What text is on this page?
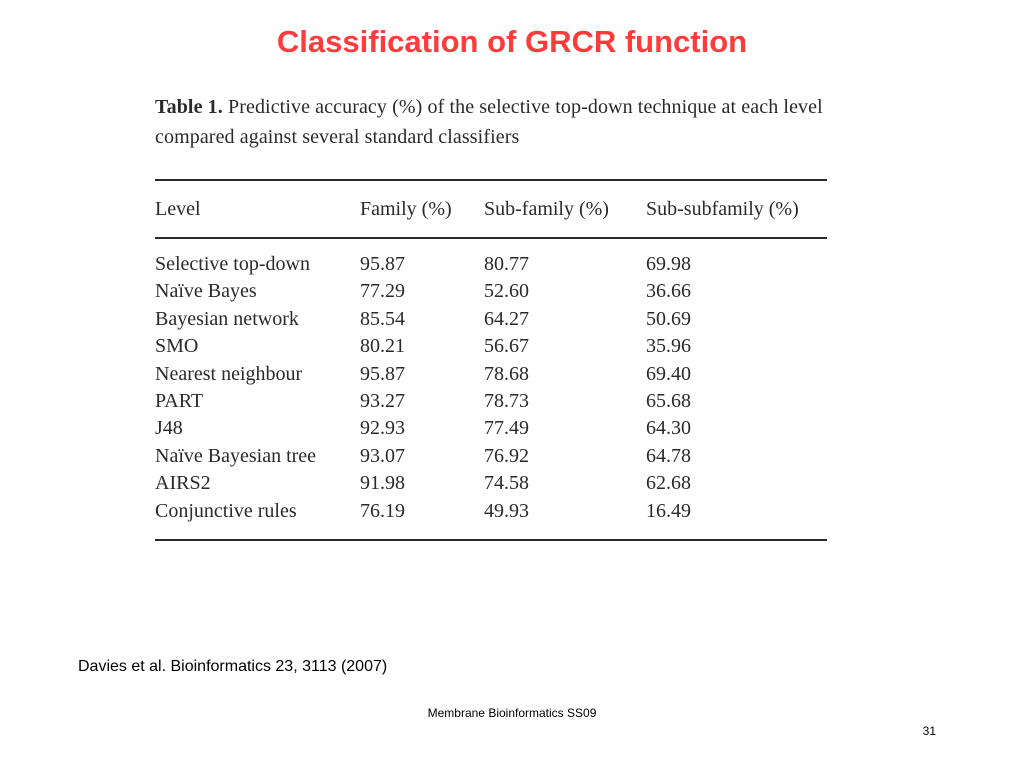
Classification of GRCR function
Table 1. Predictive accuracy (%) of the selective top-down technique at each level compared against several standard classifiers
Level	Family (%)	Sub-family (%)	Sub-subfamily (%)

Selective top-down	95.87	80.77	69.98
Naïve Bayes	77.29	52.60	36.66
Bayesian network	85.54	64.27	50.69
SMO	80.21	56.67	35.96
Nearest neighbour	95.87	78.68	69.40
PART	93.27	78.73	65.68
J48	92.93	77.49	64.30
Naïve Bayesian tree	93.07	76.92	64.78
AIRS2	91.98	74.58	62.68
Conjunctive rules	76.19	49.93	16.49
Davies et al. Bioinformatics 23, 3113 (2007)
Membrane Bioinformatics SS09
31
